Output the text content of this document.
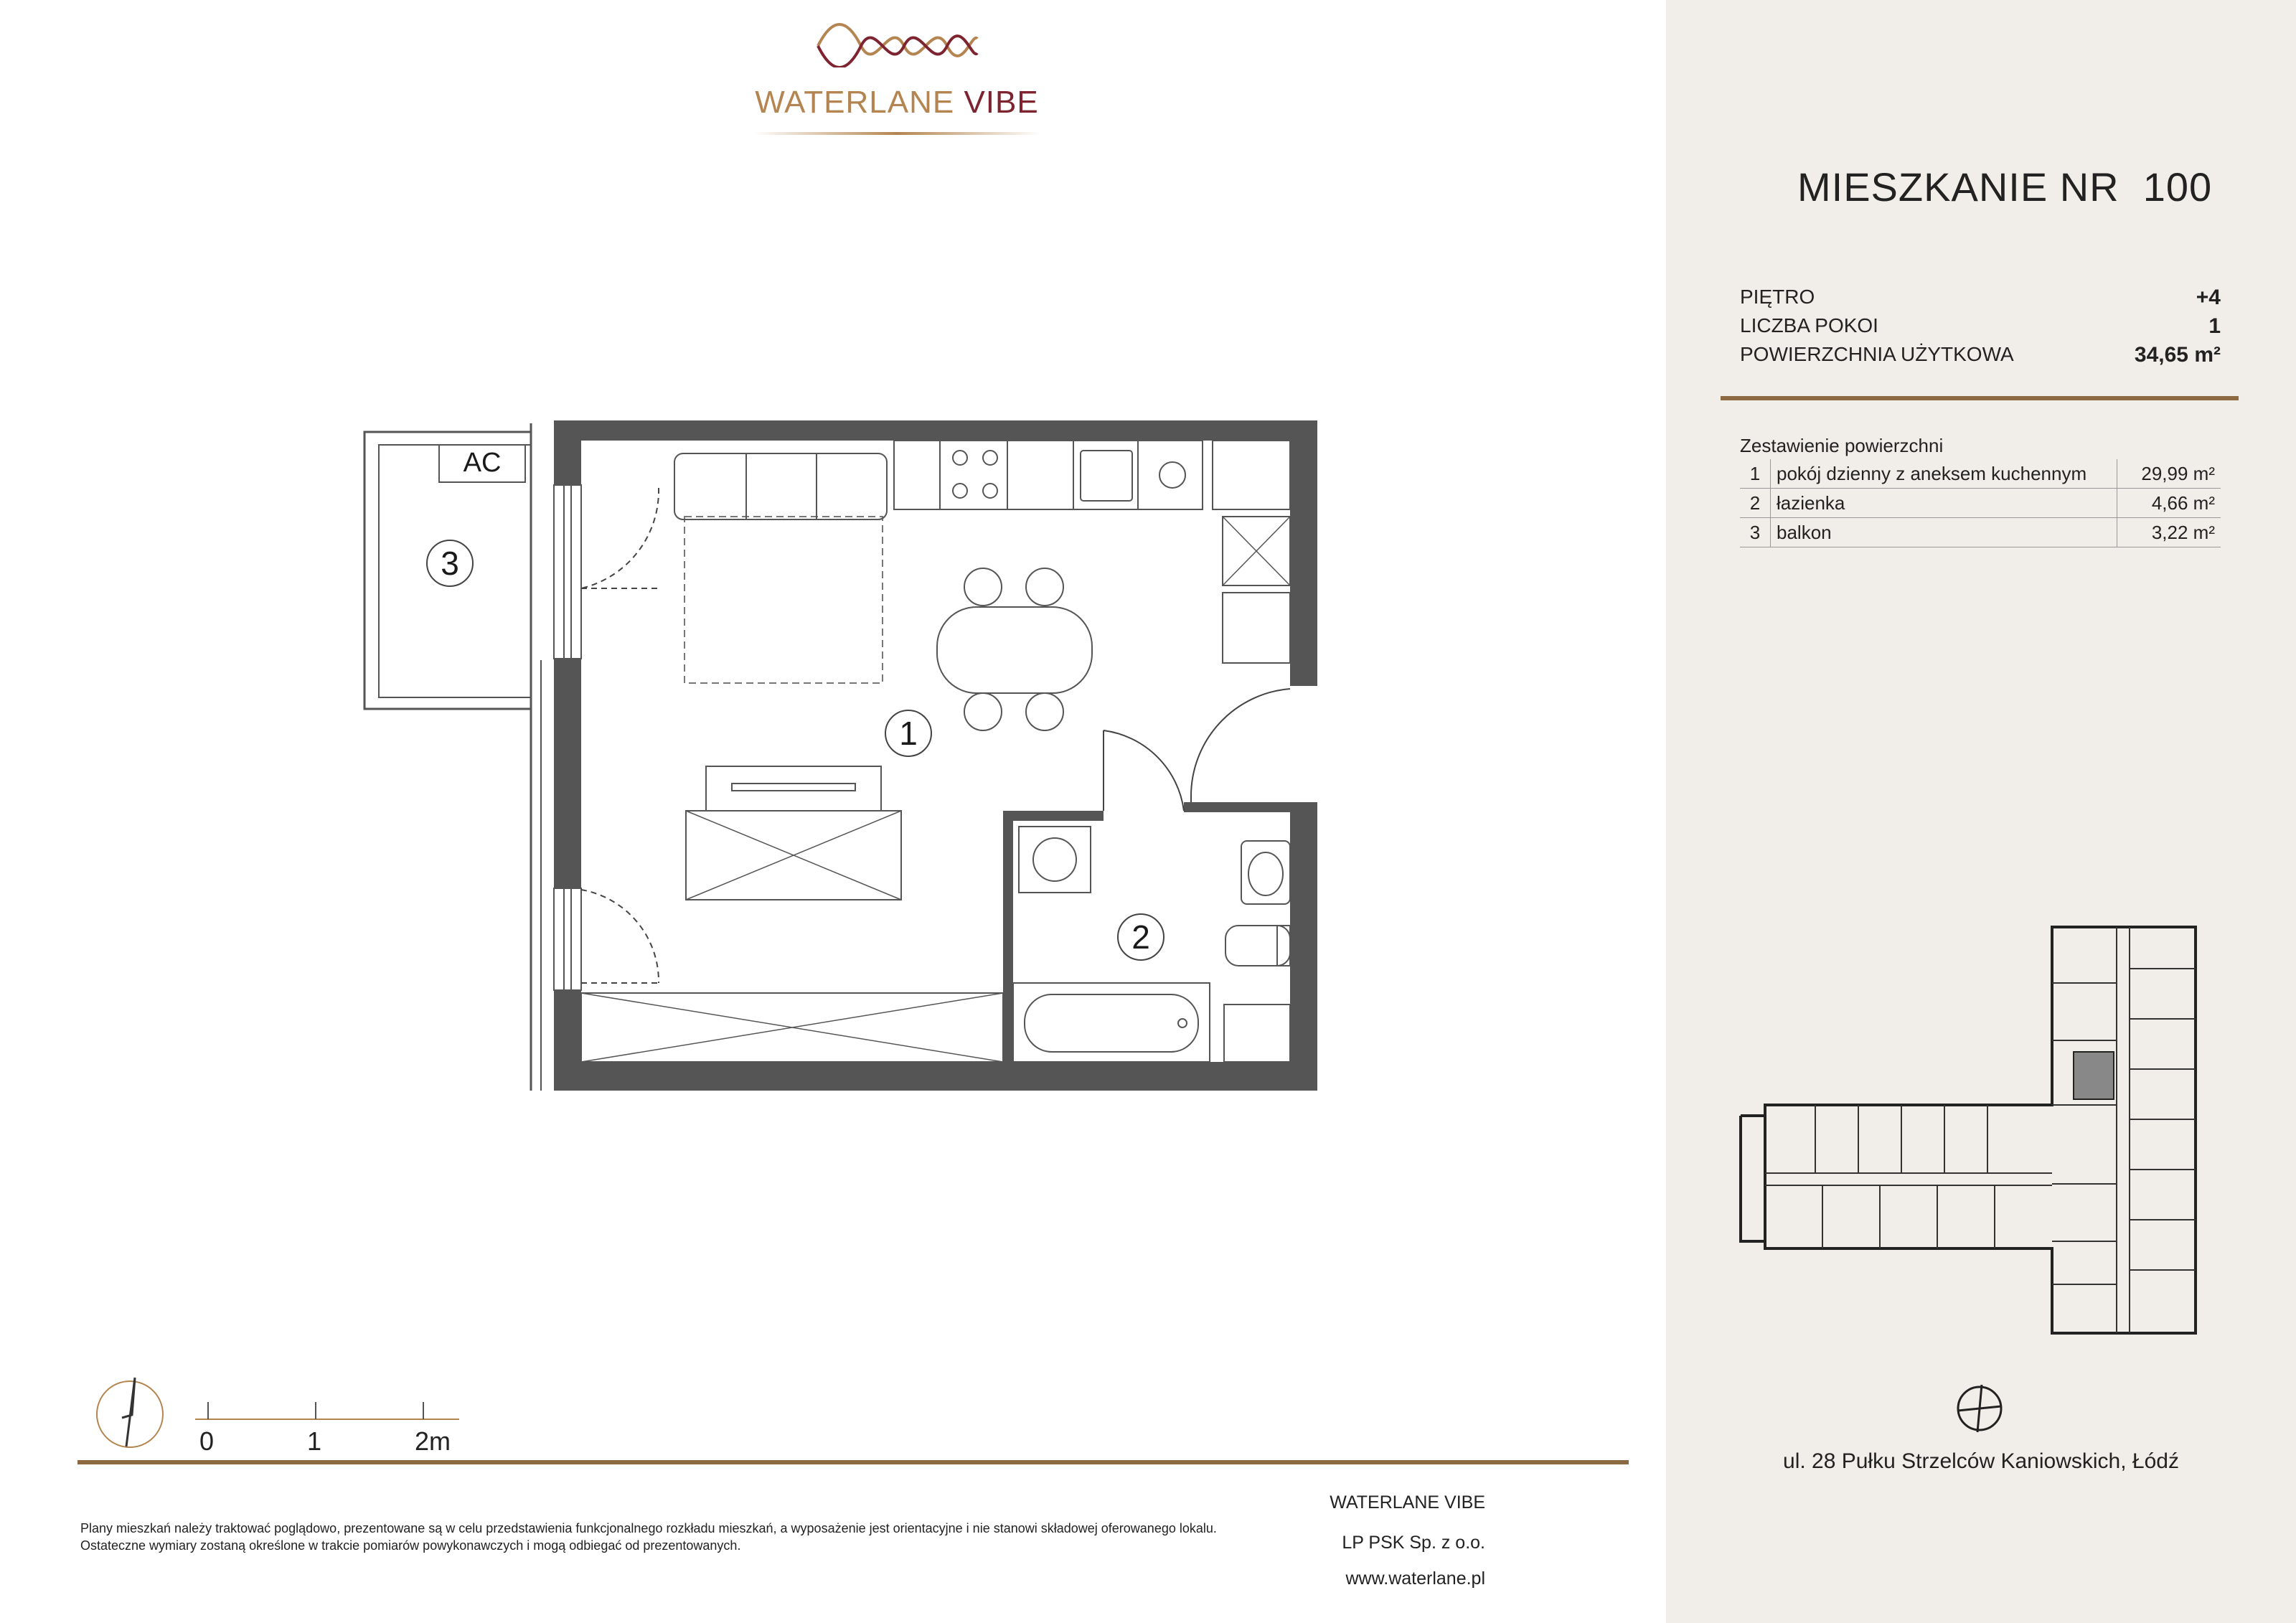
WATERLANE VIBE
AC
3
1
2
MIESZKANIE NR  100
PIĘTRO	+4
LICZBA POKOI	1
POWIERZCHNIA UŻYTKOWA	34,65 m²
Zestawienie powierzchni
1	pokój dzienny z aneksem kuchennym	29,99 m²
2	łazienka	4,66 m²
3	balkon	3,22 m²
ul. 28 Pułku Strzelców Kaniowskich, Łódź
0	1	2m
Plany mieszkań należy traktować poglądowo, prezentowane są w celu przedstawienia funkcjonalnego rozkładu mieszkań, a wyposażenie jest orientacyjne i nie stanowi składowej oferowanego lokalu.
Ostateczne wymiary zostaną określone w trakcie pomiarów powykonawczych i mogą odbiegać od prezentowanych.
WATERLANE VIBE
LP PSK Sp. z o.o.
www.waterlane.pl
